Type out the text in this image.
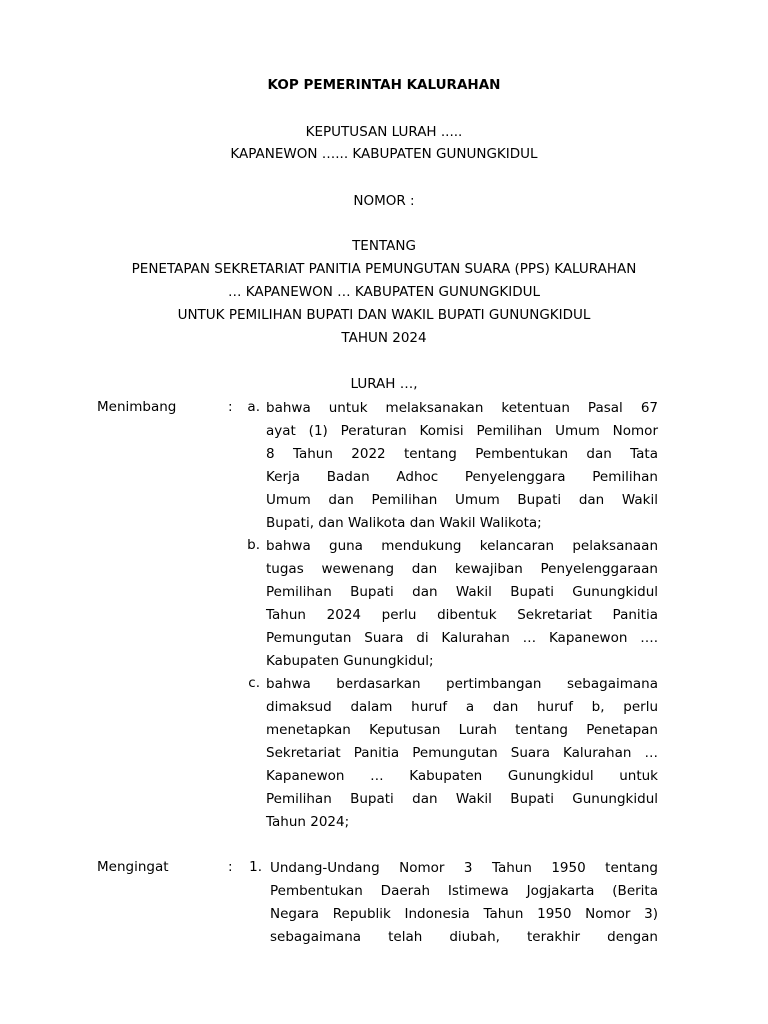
KOP PEMERINTAH KALURAHAN
KEPUTUSAN LURAH .....
KAPANEWON …... KABUPATEN GUNUNGKIDUL
NOMOR :
TENTANG
PENETAPAN SEKRETARIAT PANITIA PEMUNGUTAN SUARA (PPS) KALURAHAN
… KAPANEWON … KABUPATEN GUNUNGKIDUL
UNTUK PEMILIHAN BUPATI DAN WAKIL BUPATI GUNUNGKIDUL
TAHUN 2024
LURAH …,
Menimbang	:	a. bahwa untuk melaksanakan ketentuan Pasal 67
ayat (1) Peraturan Komisi Pemilihan Umum Nomor
8 Tahun 2022 tentang Pembentukan dan Tata
Kerja Badan Adhoc Penyelenggara Pemilihan
Umum dan Pemilihan Umum Bupati dan Wakil
Bupati, dan Walikota dan Wakil Walikota;
b. bahwa guna mendukung kelancaran pelaksanaan
tugas wewenang dan kewajiban Penyelenggaraan
Pemilihan Bupati dan Wakil Bupati Gunungkidul
Tahun 2024 perlu dibentuk Sekretariat Panitia
Pemungutan Suara di Kalurahan … Kapanewon ….
Kabupaten Gunungkidul;
c. bahwa berdasarkan pertimbangan sebagaimana
dimaksud dalam huruf a dan huruf b, perlu
menetapkan Keputusan Lurah tentang Penetapan
Sekretariat Panitia Pemungutan Suara Kalurahan …
Kapanewon … Kabupaten Gunungkidul untuk
Pemilihan Bupati dan Wakil Bupati Gunungkidul
Tahun 2024;
Mengingat	:	1. Undang-Undang Nomor 3 Tahun 1950 tentang
Pembentukan Daerah Istimewa Jogjakarta (Berita
Negara Republik Indonesia Tahun 1950 Nomor 3)
sebagaimana telah diubah, terakhir dengan
